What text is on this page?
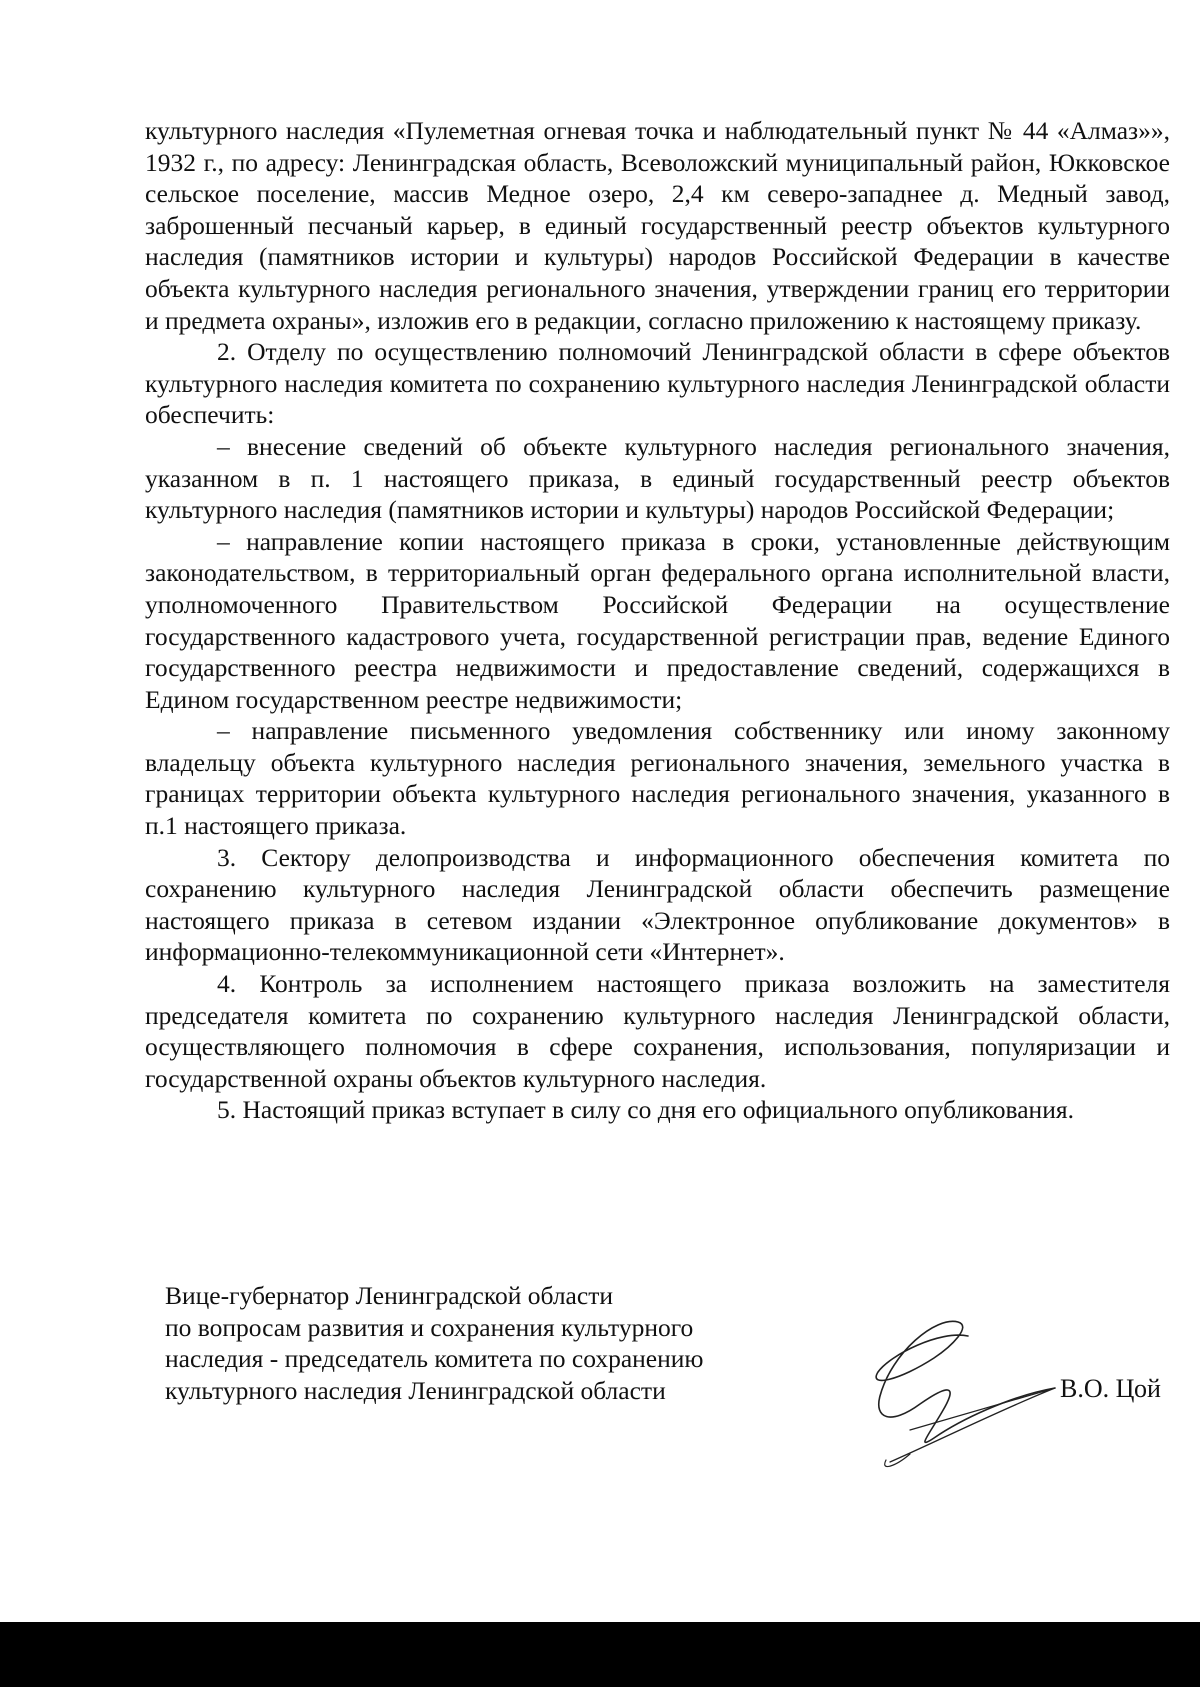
культурного наследия «Пулеметная огневая точка и наблюдательный пункт № 44 «Алмаз»», 1932 г., по адресу: Ленинградская область, Всеволожский муниципальный район, Юкковское сельское поселение, массив Медное озеро, 2,4 км северо-западнее д. Медный завод, заброшенный песчаный карьер, в единый государственный реестр объектов культурного наследия (памятников истории и культуры) народов Российской Федерации в качестве объекта культурного наследия регионального значения, утверждении границ его территории и предмета охраны», изложив его в редакции, согласно приложению к настоящему приказу.

2. Отделу по осуществлению полномочий Ленинградской области в сфере объектов культурного наследия комитета по сохранению культурного наследия Ленинградской области обеспечить:

– внесение сведений об объекте культурного наследия регионального значения, указанном в п. 1 настоящего приказа, в единый государственный реестр объектов культурного наследия (памятников истории и культуры) народов Российской Федерации;

– направление копии настоящего приказа в сроки, установленные действующим законодательством, в территориальный орган федерального органа исполнительной власти, уполномоченного Правительством Российской Федерации на осуществление государственного кадастрового учета, государственной регистрации прав, ведение Единого государственного реестра недвижимости и предоставление сведений, содержащихся в Едином государственном реестре недвижимости;

– направление письменного уведомления собственнику или иному законному владельцу объекта культурного наследия регионального значения, земельного участка в границах территории объекта культурного наследия регионального значения, указанного в п.1 настоящего приказа.

3. Сектору делопроизводства и информационного обеспечения комитета по сохранению культурного наследия Ленинградской области обеспечить размещение настоящего приказа в сетевом издании «Электронное опубликование документов» в информационно-телекоммуникационной сети «Интернет».

4. Контроль за исполнением настоящего приказа возложить на заместителя председателя комитета по сохранению культурного наследия Ленинградской области, осуществляющего полномочия в сфере сохранения, использования, популяризации и государственной охраны объектов культурного наследия.

5. Настоящий приказ вступает в силу со дня его официального опубликования.

Вице-губернатор Ленинградской области
по вопросам развития и сохранения культурного
наследия - председатель комитета по сохранению
культурного наследия Ленинградской области	В.О. Цой
